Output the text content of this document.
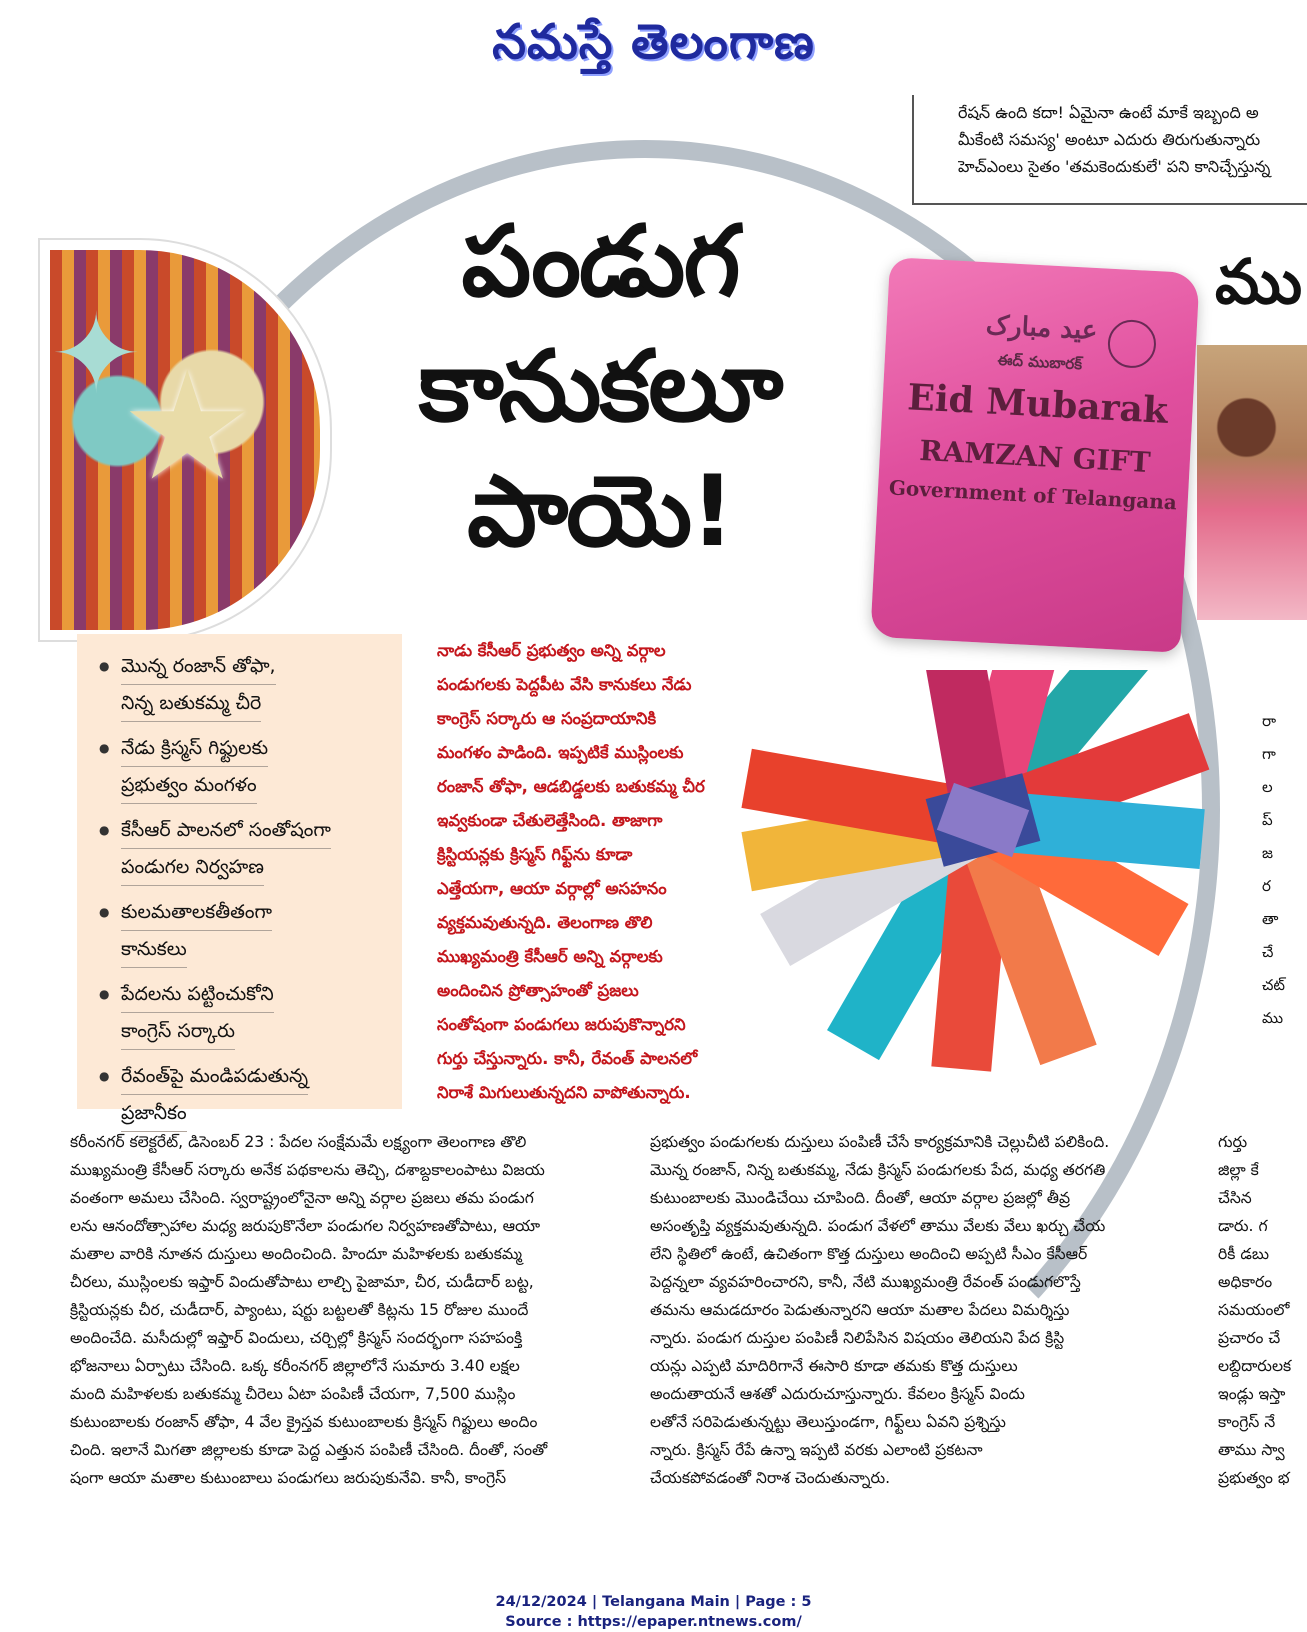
నమస్తే తెలంగాణ
రేషన్ ఉంది కదా! ఏమైనా ఉంటే మాకే ఇబ్బంది అ
మీకేంటి సమస్య' అంటూ ఎదురు తిరుగుతున్నారు
హెచ్ఎంలు సైతం 'తమకెందుకులే' పని కానిచ్చేస్తున్న
✦
★
పండుగ
కానుకలూ
పాయె!
عید مبارک
ఈద్ ముబారక్
Eid Mubarak
RAMZAN GIFT
Government of Telangana
ము
● మొన్న రంజాన్ తోఫా,
నిన్న బతుకమ్మ చీరె
● నేడు క్రిస్మస్ గిఫ్టులకు
ప్రభుత్వం మంగళం
● కేసీఆర్ పాలనలో సంతోషంగా
పండుగల నిర్వహణ
● కులమతాలకతీతంగా
కానుకలు
● పేదలను పట్టించుకోని
కాంగ్రెస్ సర్కారు
● రేవంత్‌పై మండిపడుతున్న
ప్రజానీకం
నాడు కేసీఆర్ ప్రభుత్వం అన్ని వర్గాల
పండుగలకు పెద్దపీట వేసి కానుకలు నేడు
కాంగ్రెస్ సర్కారు ఆ సంప్రదాయానికి
మంగళం పాడింది. ఇప్పటికే ముస్లింలకు
రంజాన్ తోఫా, ఆడబిడ్డలకు బతుకమ్మ చీర
ఇవ్వకుండా చేతులెత్తేసింది. తాజాగా
క్రిస్టియన్లకు క్రిస్మస్ గిఫ్ట్‌ను కూడా
ఎత్తేయగా, ఆయా వర్గాల్లో అసహనం
వ్యక్తమవుతున్నది. తెలంగాణ తొలి
ముఖ్యమంత్రి కేసీఆర్ అన్ని వర్గాలకు
అందించిన ప్రోత్సాహంతో ప్రజలు
సంతోషంగా పండుగలు జరుపుకొన్నారని
గుర్తు చేస్తున్నారు. కానీ, రేవంత్ పాలనలో
నిరాశే మిగులుతున్నదని వాపోతున్నారు.
రా
గా
ల
ప్
జ
ర
తా
చే
చట్
ము
కరీంనగర్ కలెక్టరేట్, డిసెంబర్ 23 : పేదల సంక్షేమమే లక్ష్యంగా తెలంగాణ తొలి
ముఖ్యమంత్రి కేసీఆర్ సర్కారు అనేక పథకాలను తెచ్చి, దశాబ్దకాలంపాటు విజయ
వంతంగా అమలు చేసింది. స్వరాష్ట్రంలోనైనా అన్ని వర్గాల ప్రజలు తమ పండుగ
లను ఆనందోత్సాహాల మధ్య జరుపుకొనేలా పండుగల నిర్వహణతోపాటు, ఆయా
మతాల వారికి నూతన దుస్తులు అందించింది. హిందూ మహిళలకు బతుకమ్మ
చీరలు, ముస్లింలకు ఇఫ్తార్ విందుతోపాటు లాల్చి పైజామా, చీర, చుడీదార్ బట్ట,
క్రిస్టియన్లకు చీర, చుడీదార్, ప్యాంటు, షర్టు బట్టలతో కిట్లను 15 రోజుల ముందే
అందించేది. మసీదుల్లో ఇఫ్తార్ విందులు, చర్చిల్లో క్రిస్మస్ సందర్భంగా సహపంక్తి
భోజనాలు ఏర్పాటు చేసింది. ఒక్క కరీంనగర్ జిల్లాలోనే సుమారు 3.40 లక్షల
మంది మహిళలకు బతుకమ్మ చీరెలు ఏటా పంపిణీ చేయగా, 7,500 ముస్లిం
కుటుంబాలకు రంజాన్ తోఫా, 4 వేల క్రైస్తవ కుటుంబాలకు క్రిస్మస్ గిఫ్టులు అందిం
చింది. ఇలానే మిగతా జిల్లాలకు కూడా పెద్ద ఎత్తున పంపిణీ చేసింది. దీంతో, సంతో
షంగా ఆయా మతాల కుటుంబాలు పండుగలు జరుపుకునేవి. కానీ, కాంగ్రెస్
ప్రభుత్వం పండుగలకు దుస్తులు పంపిణీ చేసే కార్యక్రమానికి చెల్లుచీటి పలికింది.
మొన్న రంజాన్, నిన్న బతుకమ్మ, నేడు క్రిస్మస్ పండుగలకు పేద, మధ్య తరగతి
కుటుంబాలకు మొండిచేయి చూపింది. దీంతో, ఆయా వర్గాల ప్రజల్లో తీవ్ర
అసంతృప్తి వ్యక్తమవుతున్నది. పండుగ వేళలో తాము వేలకు వేలు ఖర్చు చేయ
లేని స్థితిలో ఉంటే, ఉచితంగా కొత్త దుస్తులు అందించి అప్పటి సీఎం కేసీఆర్
పెద్దన్నలా వ్యవహరించారని, కానీ, నేటి ముఖ్యమంత్రి రేవంత్ పండుగలొస్తే
తమను ఆమడదూరం పెడుతున్నారని ఆయా మతాల పేదలు విమర్శిస్తు
న్నారు. పండుగ దుస్తుల పంపిణీ నిలిపేసిన విషయం తెలియని పేద క్రిస్టి
యన్లు ఎప్పటి మాదిరిగానే ఈసారి కూడా తమకు కొత్త దుస్తులు
అందుతాయనే ఆశతో ఎదురుచూస్తున్నారు. కేవలం క్రిస్మస్ విందు
లతోనే సరిపెడుతున్నట్టు తెలుస్తుండగా, గిఫ్ట్‌లు ఏవని ప్రశ్నిస్తు
న్నారు. క్రిస్మస్ రేపే ఉన్నా ఇప్పటి వరకు ఎలాంటి ప్రకటనా
చేయకపోవడంతో నిరాశ చెందుతున్నారు.
గుర్తు
జిల్లా కే
చేసిన
డారు. గ
రికీ డబు
అధికారం
సమయంలో
ప్రచారం చే
లబ్దిదారులక
ఇండ్లు ఇస్తా
కాంగ్రెస్ నే
తాము స్వా
ప్రభుత్వం భ
24/12/2024 | Telangana Main | Page : 5
Source : https://epaper.ntnews.com/
